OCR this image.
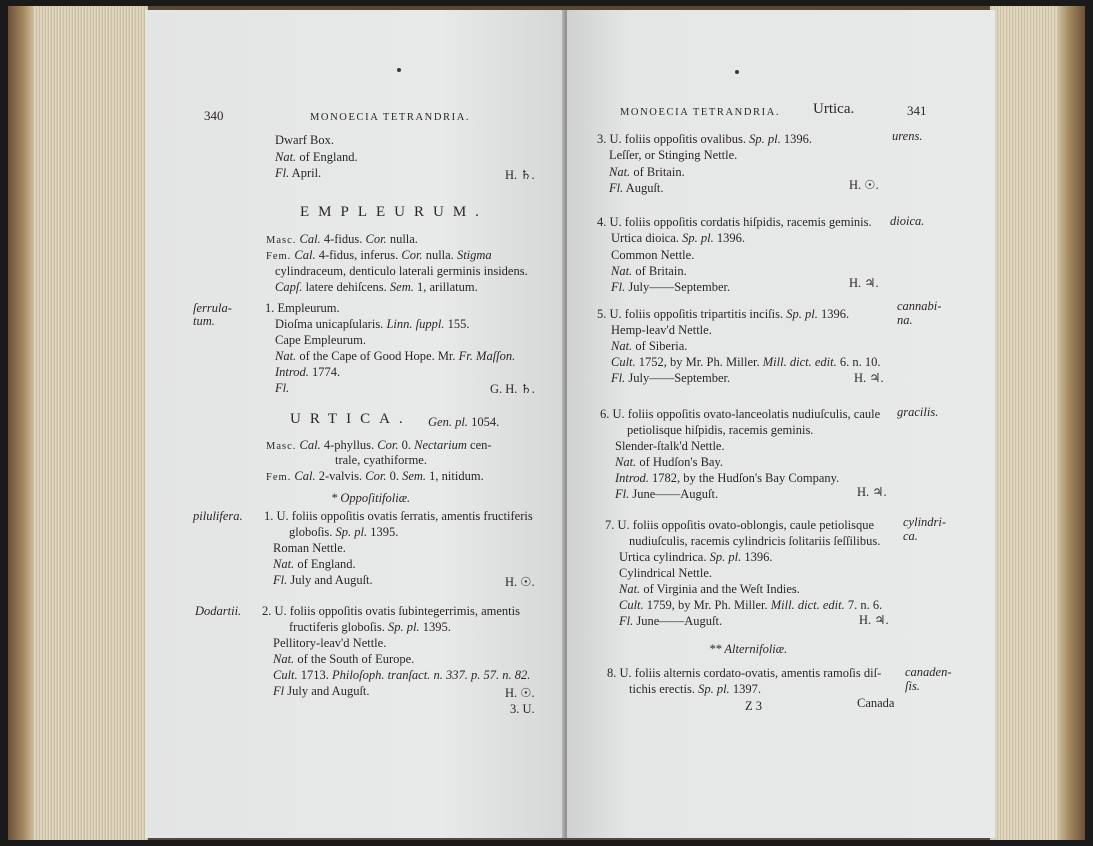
340	MONOECIA TETRANDRIA.
Dwarf Box.
Nat. of England.
Fl. April.	H. ♄.
EMPLEURUM.
Masc. Cal. 4-fidus. Cor. nulla.
Fem. Cal. 4-fidus, inferus. Cor. nulla. Stigma
cylindraceum, denticulo laterali germinis insidens.
Capſ. latere dehiſcens. Sem. 1, arillatum.
ſerrula-
tum.
1. Empleurum.
Dioſma unicapſularis. Linn. ſuppl. 155.
Cape Empleurum.
Nat. of the Cape of Good Hope. Mr. Fr. Maſſon.
Introd. 1774.
Fl.	G. H. ♄.
URTICA. Gen. pl. 1054.
Masc. Cal. 4-phyllus. Cor. 0. Nectarium cen-
trale, cyathiforme.
Fem. Cal. 2-valvis. Cor. 0. Sem. 1, nitidum.
* Oppoſitifoliæ.
pilulifera. 1. U. foliis oppoſitis ovatis ſerratis, amentis fructiferis
globoſis. Sp. pl. 1395.
Roman Nettle.
Nat. of England.
Fl. July and Auguſt.	H. ☉.
Dodartii. 2. U. foliis oppoſitis ovatis ſubintegerrimis, amentis
fructiferis globoſis. Sp. pl. 1395.
Pellitory-leav'd Nettle.
Nat. of the South of Europe.
Cult. 1713. Philoſoph. tranſact. n. 337. p. 57. n. 82.
Fl July and Auguſt.	H. ☉.
3. U.
MONOECIA TETRANDRIA. Urtica.	341
3. U. foliis oppoſitis ovalibus. Sp. pl. 1396.	urens.
Leſſer, or Stinging Nettle.
Nat. of Britain.
Fl. Auguſt.	H. ☉.
4. U. foliis oppoſitis cordatis hiſpidis, racemis geminis. dioica.
Urtica dioica. Sp. pl. 1396.
Common Nettle.
Nat. of Britain.
Fl. July——September.	H. ♃.
5. U. foliis oppoſitis tripartitis inciſis. Sp. pl. 1396.
cannabi-
na.
Hemp-leav'd Nettle.
Nat. of Siberia.
Cult. 1752, by Mr. Ph. Miller. Mill. dict. edit. 6. n. 10.
Fl. July——September.	H. ♃.
6. U. foliis oppoſitis ovato-lanceolatis nudiuſculis, caule gracilis.
petiolisque hiſpidis, racemis geminis.
Slender-ſtalk'd Nettle.
Nat. of Hudſon's Bay.
Introd. 1782, by the Hudſon's Bay Company.
Fl. June——Auguſt.	H. ♃.
7. U. foliis oppoſitis ovato-oblongis, caule petiolisque cylindri-
ca.
nudiuſculis, racemis cylindricis ſolitariis ſeſſilibus.
Urtica cylindrica. Sp. pl. 1396.
Cylindrical Nettle.
Nat. of Virginia and the Weſt Indies.
Cult. 1759, by Mr. Ph. Miller. Mill. dict. edit. 7. n. 6.
Fl. June——Auguſt.	H. ♃.
** Alternifoliæ.
8. U. foliis alternis cordato-ovatis, amentis ramoſis diſ- canaden-
ſis.
tichis erectis. Sp. pl. 1397.
Z 3	Canada
